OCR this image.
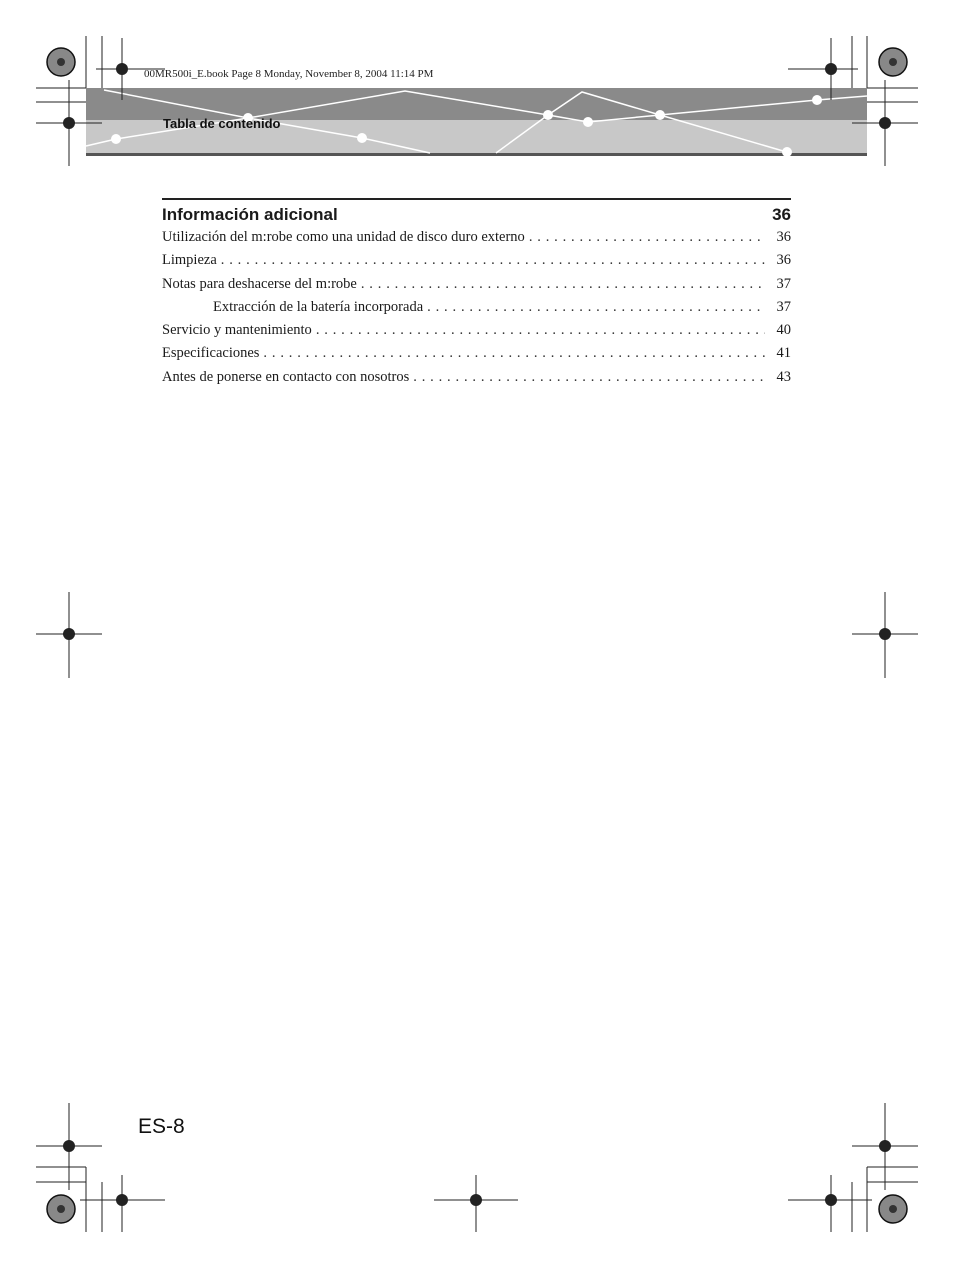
00MR500i_E.book Page 8 Monday, November 8, 2004 11:14 PM
Tabla de contenido
Información adicional	36
Utilización del m:robe como una unidad de disco duro externo . . .	36
Limpieza . . .	36
Notas para deshacerse del m:robe . . .	37
Extracción de la batería incorporada . . .	37
Servicio y mantenimiento . . .	40
Especificaciones . . .	41
Antes de ponerse en contacto con nosotros . . .	43
ES-8
